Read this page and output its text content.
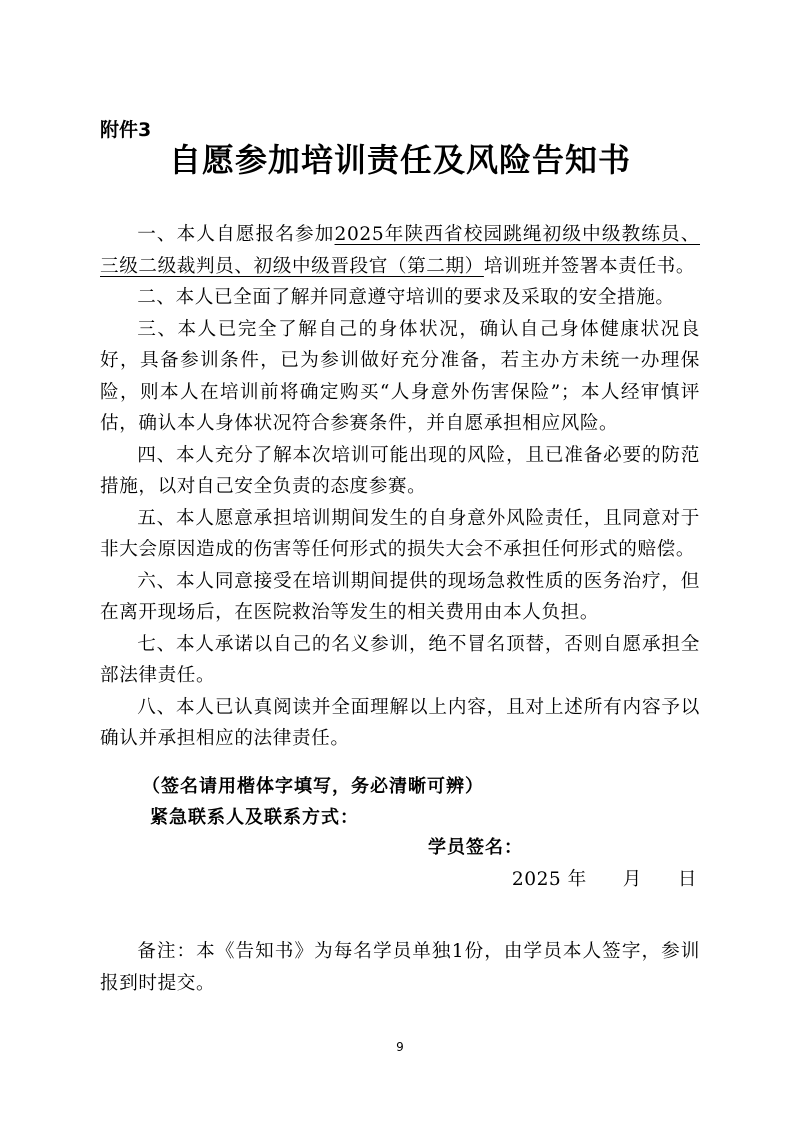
附件3
自愿参加培训责任及风险告知书

一、本人自愿报名参加2025年陕西省校园跳绳初级中级教练员、三级二级裁判员、初级中级晋段官（第二期）培训班并签署本责任书。

二、本人已全面了解并同意遵守培训的要求及采取的安全措施。

三、本人已完全了解自己的身体状况，确认自己身体健康状况良好，具备参训条件，已为参训做好充分准备，若主办方未统一办理保险，则本人在培训前将确定购买“人身意外伤害保险”；本人经审慎评估，确认本人身体状况符合参赛条件，并自愿承担相应风险。

四、本人充分了解本次培训可能出现的风险，且已准备必要的防范措施，以对自己安全负责的态度参赛。

五、本人愿意承担培训期间发生的自身意外风险责任，且同意对于非大会原因造成的伤害等任何形式的损失大会不承担任何形式的赔偿。

六、本人同意接受在培训期间提供的现场急救性质的医务治疗，但在离开现场后，在医院救治等发生的相关费用由本人负担。

七、本人承诺以自己的名义参训，绝不冒名顶替，否则自愿承担全部法律责任。

八、本人已认真阅读并全面理解以上内容，且对上述所有内容予以确认并承担相应的法律责任。

（签名请用楷体字填写，务必清晰可辨）
紧急联系人及联系方式：
学员签名：
2025 年 月 日

备注：本《告知书》为每名学员单独1份，由学员本人签字，参训报到时提交。

9
